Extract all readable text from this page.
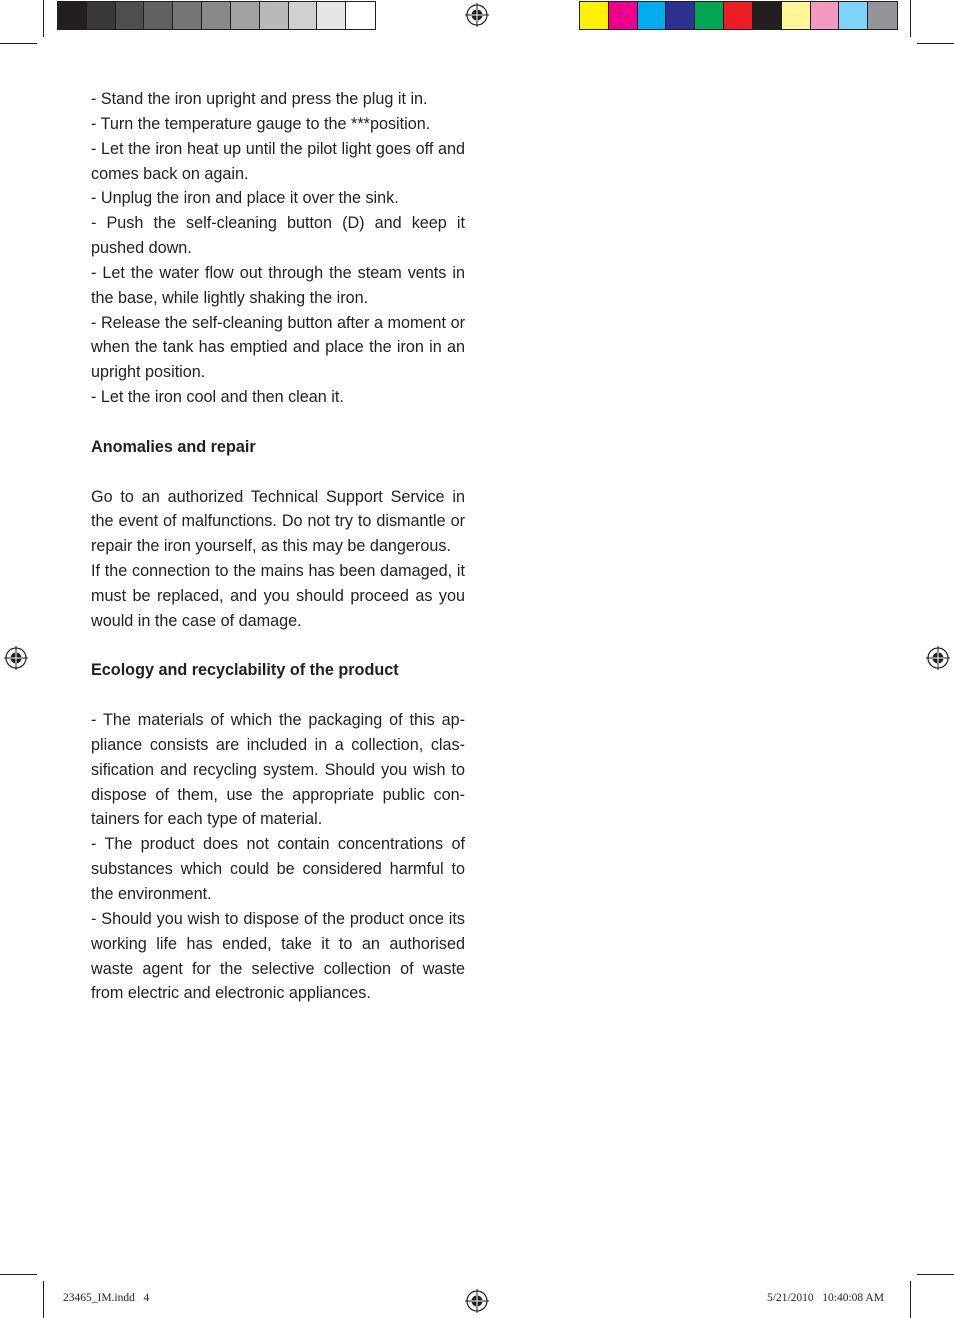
- Stand the iron upright and press the plug it in.

- Turn the temperature gauge to the ***position.

- Let the iron heat up until the pilot light goes off and comes back on again.

- Unplug the iron and place it over the sink.

- Push the self-cleaning button (D) and keep it pushed down.

- Let the water flow out through the steam vents in the base, while lightly shaking the iron.

- Release the self-cleaning button after a moment or when the tank has emptied and place the iron in an upright position.

- Let the iron cool and then clean it.

Anomalies and repair

Go to an authorized Technical Support Service in the event of malfunctions. Do not try to dismantle or repair the iron yourself, as this may be dangerous.

If the connection to the mains has been damaged, it must be replaced, and you should proceed as you would in the case of damage.

Ecology and recyclability of the product

- The materials of which the packaging of this appliance consists are included in a collection, classification and recycling system. Should you wish to dispose of them, use the appropriate public containers for each type of material.

- The product does not contain concentrations of substances which could be considered harmful to the environment.

- Should you wish to dispose of the product once its working life has ended, take it to an authorised waste agent for the selective collection of waste from electric and electronic appliances.

23465_IM.indd   4	5/21/2010   10:40:08 AM
